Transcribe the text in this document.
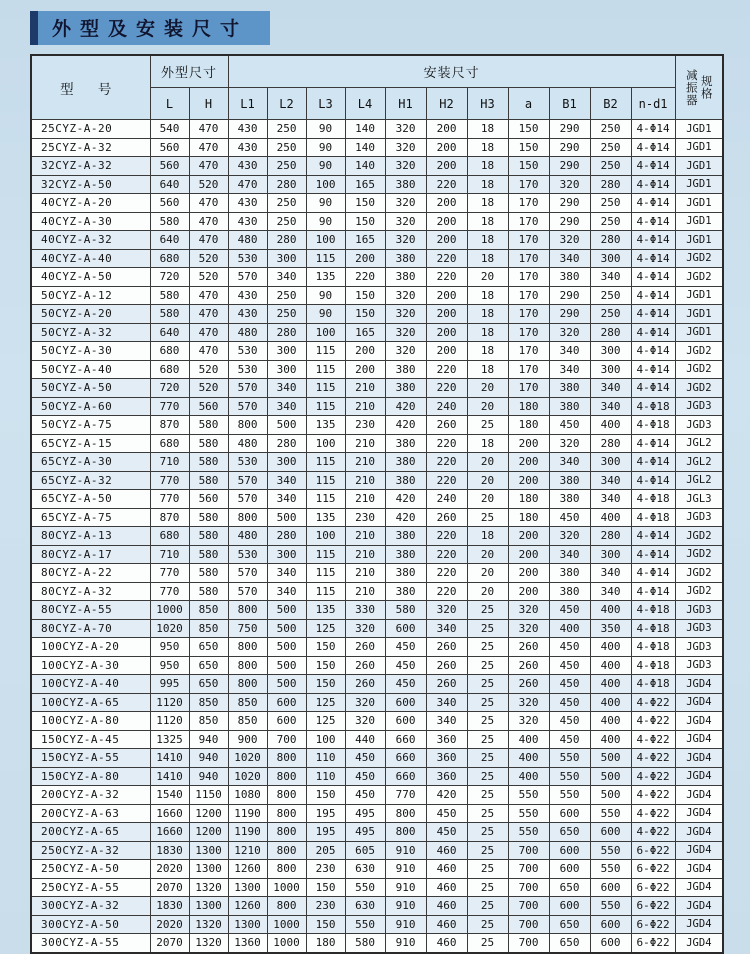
外型及安装尺寸
型 号	外型尺寸		安装尺寸											减振器 规格

	L	H	L1	L2	L3	L4	H1	H2	H3	a	B1	B2	n-d1	
25CYZ-A-20	540	470	430	250	90	140	320	200	18	150	290	250	4-Φ14	JGD1
25CYZ-A-32	560	470	430	250	90	140	320	200	18	150	290	250	4-Φ14	JGD1
32CYZ-A-32	560	470	430	250	90	140	320	200	18	150	290	250	4-Φ14	JGD1
32CYZ-A-50	640	520	470	280	100	165	380	220	18	170	320	280	4-Φ14	JGD1
40CYZ-A-20	560	470	430	250	90	150	320	200	18	170	290	250	4-Φ14	JGD1
40CYZ-A-30	580	470	430	250	90	150	320	200	18	170	290	250	4-Φ14	JGD1
40CYZ-A-32	640	470	480	280	100	165	320	200	18	170	320	280	4-Φ14	JGD1
40CYZ-A-40	680	520	530	300	115	200	380	220	18	170	340	300	4-Φ14	JGD2
40CYZ-A-50	720	520	570	340	135	220	380	220	20	170	380	340	4-Φ14	JGD2
50CYZ-A-12	580	470	430	250	90	150	320	200	18	170	290	250	4-Φ14	JGD1
50CYZ-A-20	580	470	430	250	90	150	320	200	18	170	290	250	4-Φ14	JGD1
50CYZ-A-32	640	470	480	280	100	165	320	200	18	170	320	280	4-Φ14	JGD1
50CYZ-A-30	680	470	530	300	115	200	320	200	18	170	340	300	4-Φ14	JGD2
50CYZ-A-40	680	520	530	300	115	200	380	220	18	170	340	300	4-Φ14	JGD2
50CYZ-A-50	720	520	570	340	115	210	380	220	20	170	380	340	4-Φ14	JGD2
50CYZ-A-60	770	560	570	340	115	210	420	240	20	180	380	340	4-Φ18	JGD3
50CYZ-A-75	870	580	800	500	135	230	420	260	25	180	450	400	4-Φ18	JGD3
65CYZ-A-15	680	580	480	280	100	210	380	220	18	200	320	280	4-Φ14	JGL2
65CYZ-A-30	710	580	530	300	115	210	380	220	20	200	340	300	4-Φ14	JGL2
65CYZ-A-32	770	580	570	340	115	210	380	220	20	200	380	340	4-Φ14	JGL2
65CYZ-A-50	770	560	570	340	115	210	420	240	20	180	380	340	4-Φ18	JGL3
65CYZ-A-75	870	580	800	500	135	230	420	260	25	180	450	400	4-Φ18	JGD3
80CYZ-A-13	680	580	480	280	100	210	380	220	18	200	320	280	4-Φ14	JGD2
80CYZ-A-17	710	580	530	300	115	210	380	220	20	200	340	300	4-Φ14	JGD2
80CYZ-A-22	770	580	570	340	115	210	380	220	20	200	380	340	4-Φ14	JGD2
80CYZ-A-32	770	580	570	340	115	210	380	220	20	200	380	340	4-Φ14	JGD2
80CYZ-A-55	1000	850	800	500	135	330	580	320	25	320	450	400	4-Φ18	JGD3
80CYZ-A-70	1020	850	750	500	125	320	600	340	25	320	400	350	4-Φ18	JGD3
100CYZ-A-20	950	650	800	500	150	260	450	260	25	260	450	400	4-Φ18	JGD3
100CYZ-A-30	950	650	800	500	150	260	450	260	25	260	450	400	4-Φ18	JGD3
100CYZ-A-40	995	650	800	500	150	260	450	260	25	260	450	400	4-Φ18	JGD4
100CYZ-A-65	1120	850	850	600	125	320	600	340	25	320	450	400	4-Φ22	JGD4
100CYZ-A-80	1120	850	850	600	125	320	600	340	25	320	450	400	4-Φ22	JGD4
150CYZ-A-45	1325	940	900	700	100	440	660	360	25	400	450	400	4-Φ22	JGD4
150CYZ-A-55	1410	940	1020	800	110	450	660	360	25	400	550	500	4-Φ22	JGD4
150CYZ-A-80	1410	940	1020	800	110	450	660	360	25	400	550	500	4-Φ22	JGD4
200CYZ-A-32	1540	1150	1080	800	150	450	770	420	25	550	550	500	4-Φ22	JGD4
200CYZ-A-63	1660	1200	1190	800	195	495	800	450	25	550	600	550	4-Φ22	JGD4
200CYZ-A-65	1660	1200	1190	800	195	495	800	450	25	550	650	600	4-Φ22	JGD4
250CYZ-A-32	1830	1300	1210	800	205	605	910	460	25	700	600	550	6-Φ22	JGD4
250CYZ-A-50	2020	1300	1260	800	230	630	910	460	25	700	600	550	6-Φ22	JGD4
250CYZ-A-55	2070	1320	1300	1000	150	550	910	460	25	700	650	600	6-Φ22	JGD4
300CYZ-A-32	1830	1300	1260	800	230	630	910	460	25	700	600	550	6-Φ22	JGD4
300CYZ-A-50	2020	1320	1300	1000	150	550	910	460	25	700	650	600	6-Φ22	JGD4
300CYZ-A-55	2070	1320	1360	1000	180	580	910	460	25	700	650	600	6-Φ22	JGD4
